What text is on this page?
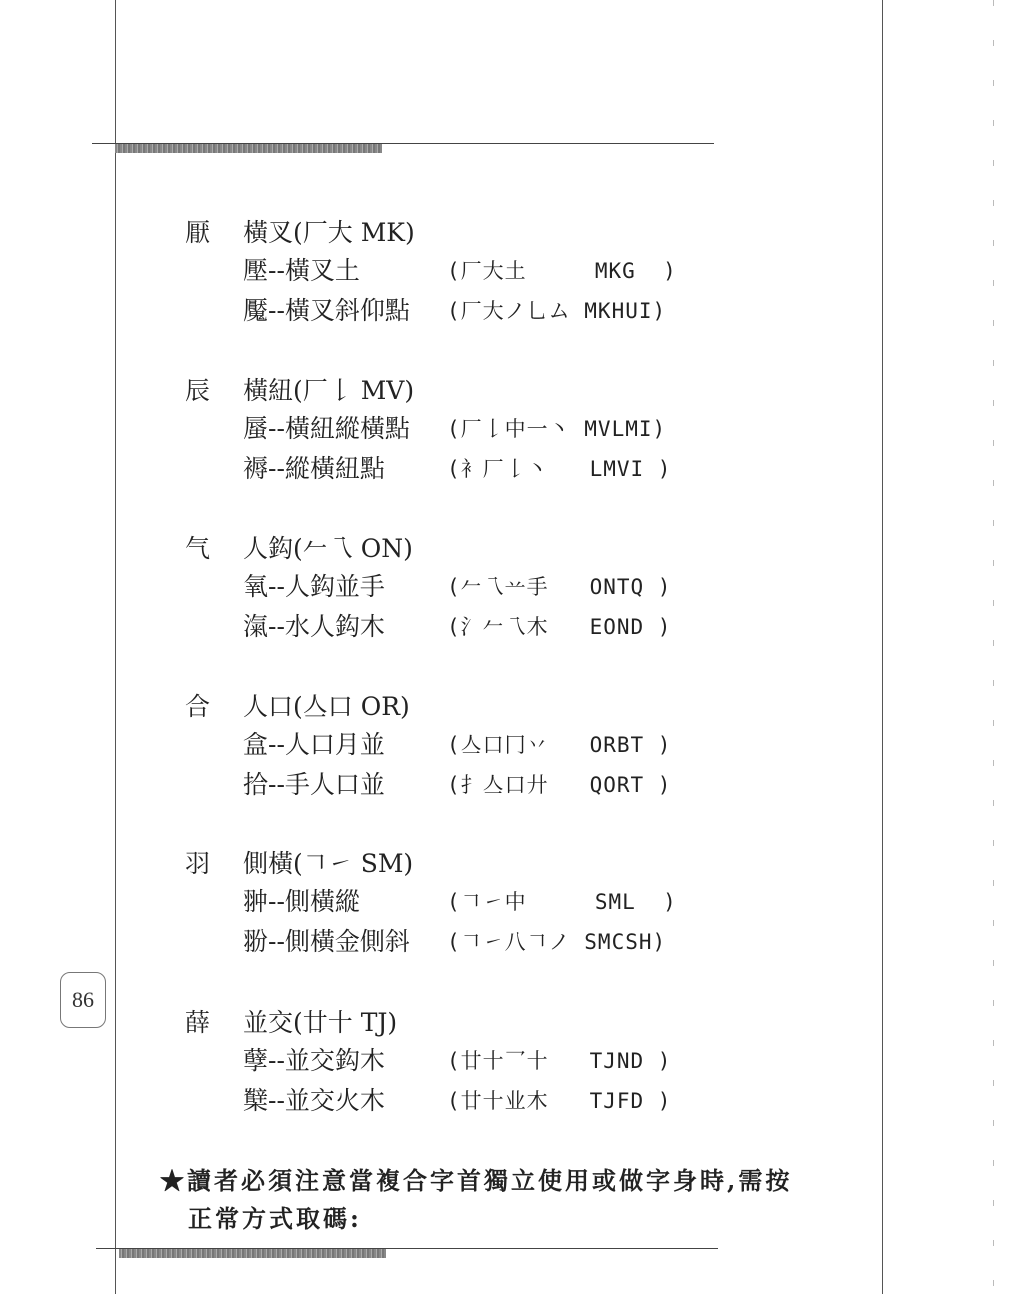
86
厭 橫叉(厂大 MK)
壓--橫叉土	(厂大土     MKG  )
魘--橫叉斜仰點 (厂大ノ乚ム MKHUI)
辰 橫紐(厂𠄌 MV)
蜃--橫紐縱橫點 (厂𠄌中一丶 MVLMI)
褥--縱橫紐點	(衤厂𠄌丶   LMVI )
气 人鈎(𠂉乁 ON)
氧--人鈎並手	(𠂉乁䒑手   ONTQ )
滊--水人鈎木	(氵𠂉乁木   EOND )
合 人口(亼口 OR)
盒--人口月並	(亼口冂丷   ORBT )
拾--手人口並	(扌亼口廾   QORT )
羽 側橫(𠃍㇀ SM)
翀--側橫縱	(𠃍㇀中     SML  )
翂--側橫金側斜 (𠃍㇀八𠃍ノ SMCSH)
薛 並交(廿十 TJ)
孽--並交鈎木	(廿十乛十   TJND )
櫱--並交火木	(廿十业木   TJFD )
★讀者必須注意當複合字首獨立使用或做字身時,需按
正常方式取碼:
